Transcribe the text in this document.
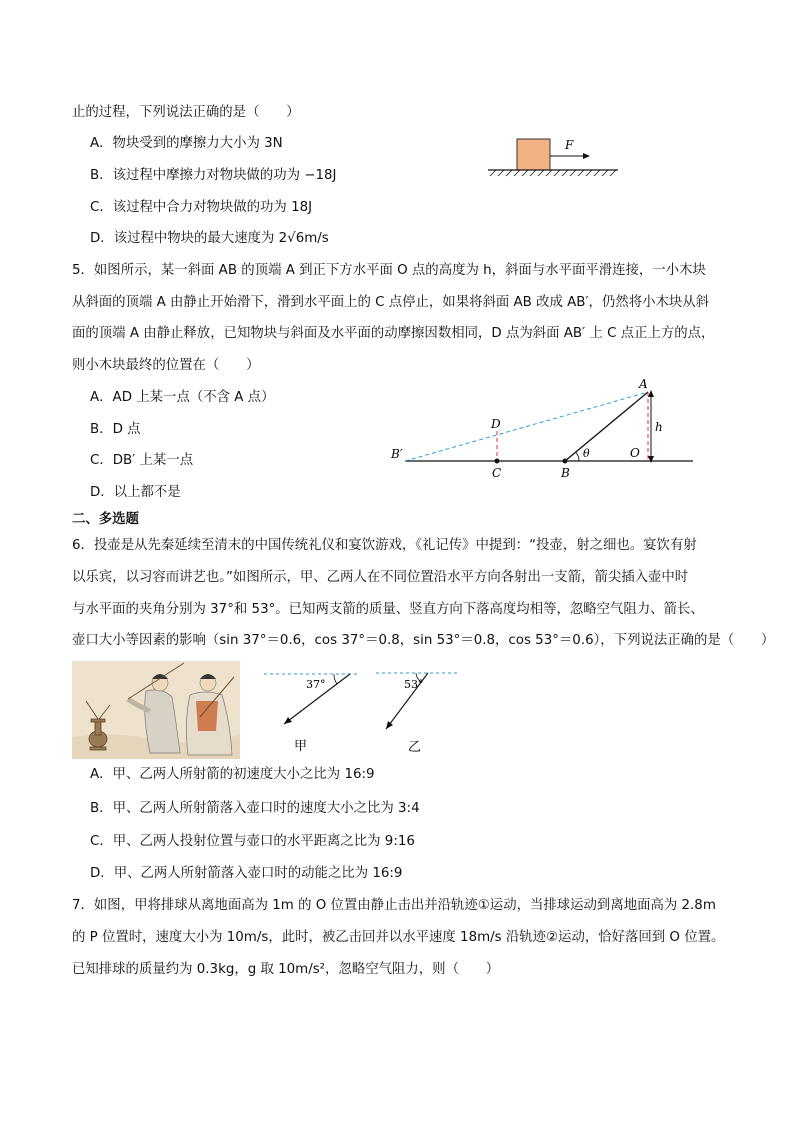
止的过程，下列说法正确的是（　　）
A．物块受到的摩擦力大小为 3N
B．该过程中摩擦力对物块做的功为 −18J
C．该过程中合力对物块做的功为 18J
D．该过程中物块的最大速度为 2√6m/s
F
5．如图所示，某一斜面 AB 的顶端 A 到正下方水平面 O 点的高度为 h，斜面与水平面平滑连接，一小木块
从斜面的顶端 A 由静止开始滑下，滑到水平面上的 C 点停止，如果将斜面 AB 改成 AB′，仍然将小木块从斜
面的顶端 A 由静止释放，已知物块与斜面及水平面的动摩擦因数相同，D 点为斜面 AB′ 上 C 点正上方的点，
则小木块最终的位置在（　　）
A．AD 上某一点（不含 A 点）
B．D 点
C．DB′ 上某一点
D．以上都不是
A
h
O
D
B′
C	B
θ
二、多选题
6．投壶是从先秦延续至清末的中国传统礼仪和宴饮游戏，《礼记传》中提到：“投壶，射之细也。宴饮有射
以乐宾，以习容而讲艺也。”如图所示，甲、乙两人在不同位置沿水平方向各射出一支箭，箭尖插入壶中时
与水平面的夹角分别为 37°和 53°。已知两支箭的质量、竖直方向下落高度均相等，忽略空气阻力、箭长、
壶口大小等因素的影响（sin 37°＝0.6，cos 37°＝0.8，sin 53°＝0.8，cos 53°＝0.6），下列说法正确的是（　　）
37°
甲
53°
乙
A．甲、乙两人所射箭的初速度大小之比为 16:9
B．甲、乙两人所射箭落入壶口时的速度大小之比为 3:4
C．甲、乙两人投射位置与壶口的水平距离之比为 9:16
D．甲、乙两人所射箭落入壶口时的动能之比为 16:9
7．如图，甲将排球从离地面高为 1m 的 O 位置由静止击出并沿轨迹①运动，当排球运动到离地面高为 2.8m
的 P 位置时，速度大小为 10m/s，此时，被乙击回并以水平速度 18m/s 沿轨迹②运动，恰好落回到 O 位置。
已知排球的质量约为 0.3kg，g 取 10m/s²，忽略空气阻力，则（　　）
